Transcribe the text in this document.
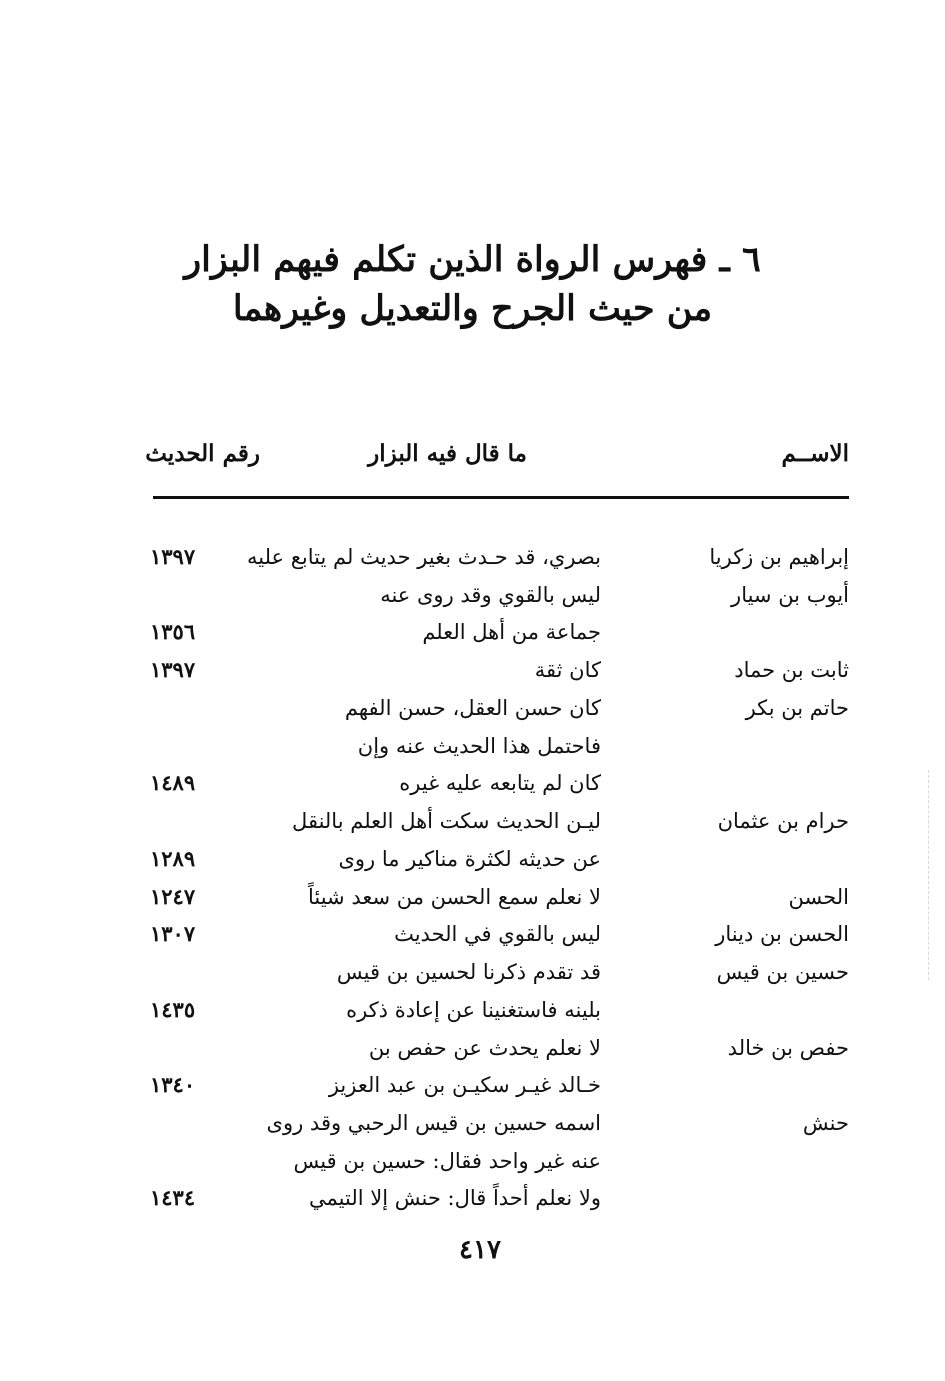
٦ ـ فهرس الرواة الذين تكلم فيهم البزار
من حيث الجرح والتعديل وغيرهما
الاســم
ما قال فيه البزار
رقم الحديث
إبراهيم بن زكريا
بصري، قد حـدث بغير حديث لم يتابع عليه
١٣٩٧
أيوب بن سيار
ليس بالقوي وقد روى عنه
جماعة من أهل العلم
١٣٥٦
ثابت بن حماد
كان ثقة
١٣٩٧
حاتم بن بكر
كان حسن العقل، حسن الفهم
فاحتمل هذا الحديث عنه وإن
كان لم يتابعه عليه غيره
١٤٨٩
حرام بن عثمان
ليـن الحديث سكت أهل العلم بالنقل
عن حديثه لكثرة مناكير ما روى
١٢٨٩
الحسن
لا نعلم سمع الحسن من سعد شيئاً
١٢٤٧
الحسن بن دينار
ليس بالقوي في الحديث
١٣٠٧
حسين بن قيس
قد تقدم ذكرنا لحسين بن قيس
بلينه فاستغنينا عن إعادة ذكره
١٤٣٥
حفص بن خالد
لا نعلم يحدث عن حفص بن
خـالد غيـر سكيـن بن عبد العزيز
١٣٤٠
حنش
اسمه حسين بن قيس الرحبي وقد روى
عنه غير واحد فقال: حسين بن قيس
ولا نعلم أحداً قال: حنش إلا التيمي
١٤٣٤
٤١٧
